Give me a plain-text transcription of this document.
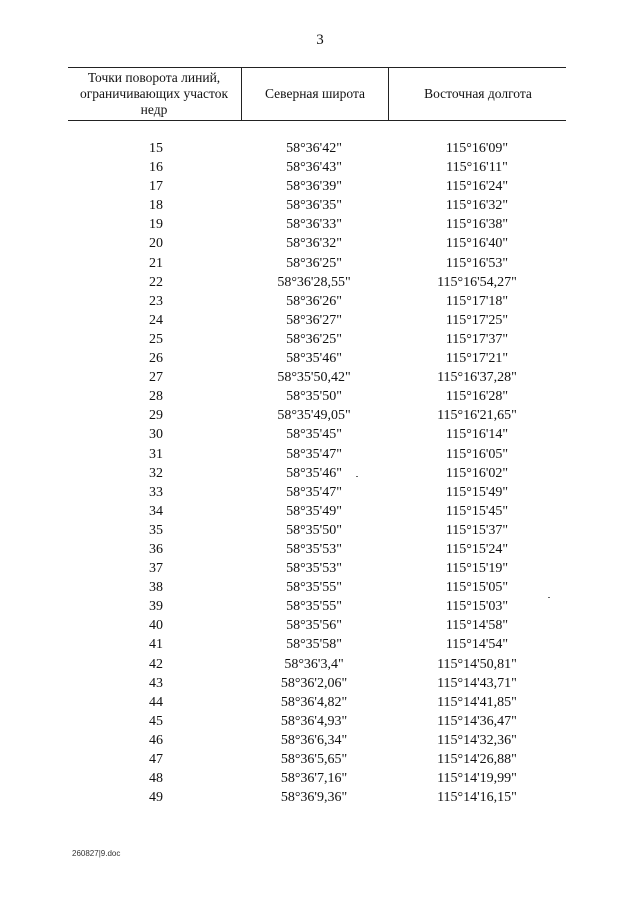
3
Точки поворота линий, ограничивающих участок недр
Северная широта	Восточная долгота
15	58°36'42"	115°16'09"
16	58°36'43"	115°16'11"
17	58°36'39"	115°16'24"
18	58°36'35"	115°16'32"
19	58°36'33"	115°16'38"
20	58°36'32"	115°16'40"
21	58°36'25"	115°16'53"
22	58°36'28,55"	115°16'54,27"
23	58°36'26"	115°17'18"
24	58°36'27"	115°17'25"
25	58°36'25"	115°17'37"
26	58°35'46"	115°17'21"
27	58°35'50,42"	115°16'37,28"
28	58°35'50"	115°16'28"
29	58°35'49,05"	115°16'21,65"
30	58°35'45"	115°16'14"
31	58°35'47"	115°16'05"
32	58°35'46"	115°16'02"
33	58°35'47"	115°15'49"
34	58°35'49"	115°15'45"
35	58°35'50"	115°15'37"
36	58°35'53"	115°15'24"
37	58°35'53"	115°15'19"
38	58°35'55"	115°15'05"
39	58°35'55"	115°15'03"
40	58°35'56"	115°14'58"
41	58°35'58"	115°14'54"
42	58°36'3,4"	115°14'50,81"
43	58°36'2,06"	115°14'43,71"
44	58°36'4,82"	115°14'41,85"
45	58°36'4,93"	115°14'36,47"
46	58°36'6,34"	115°14'32,36"
47	58°36'5,65"	115°14'26,88"
48	58°36'7,16"	115°14'19,99"
49	58°36'9,36"	115°14'16,15"
260827|9.doc
